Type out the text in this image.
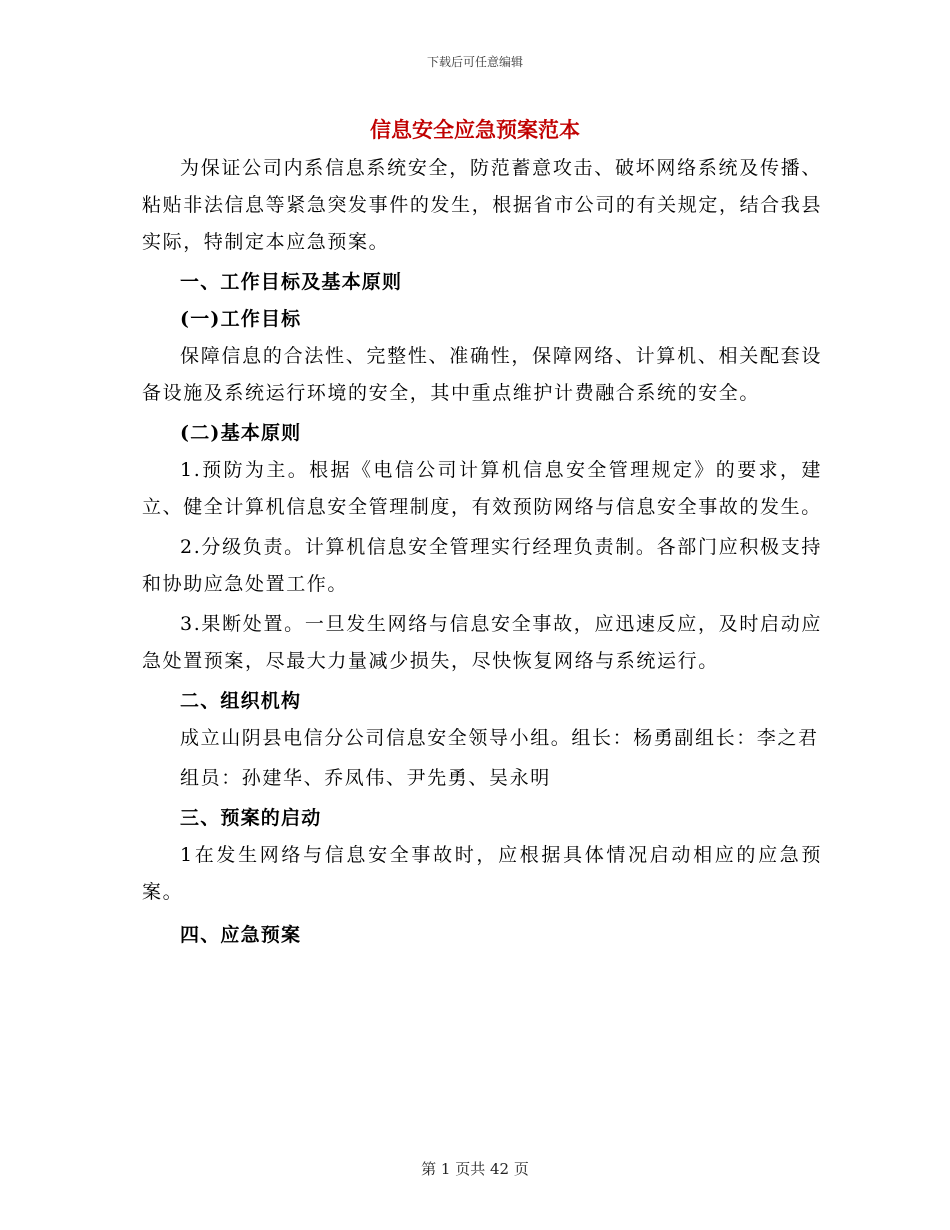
下载后可任意编辑
信息安全应急预案范本

为保证公司内系信息系统安全，防范蓄意攻击、破坏网络系统及传播、粘贴非法信息等紧急突发事件的发生，根据省市公司的有关规定，结合我县实际，特制定本应急预案。

一、工作目标及基本原则

(一)工作目标

保障信息的合法性、完整性、准确性，保障网络、计算机、相关配套设备设施及系统运行环境的安全，其中重点维护计费融合系统的安全。

(二)基本原则

1.预防为主。根据《电信公司计算机信息安全管理规定》的要求，建立、健全计算机信息安全管理制度，有效预防网络与信息安全事故的发生。

2.分级负责。计算机信息安全管理实行经理负责制。各部门应积极支持和协助应急处置工作。

3.果断处置。一旦发生网络与信息安全事故，应迅速反应，及时启动应急处置预案，尽最大力量减少损失，尽快恢复网络与系统运行。

二、组织机构

成立山阴县电信分公司信息安全领导小组。组长：杨勇副组长：李之君

组员：孙建华、乔凤伟、尹先勇、吴永明

三、预案的启动

1在发生网络与信息安全事故时，应根据具体情况启动相应的应急预案。

四、应急预案

第 1 页共 42 页
